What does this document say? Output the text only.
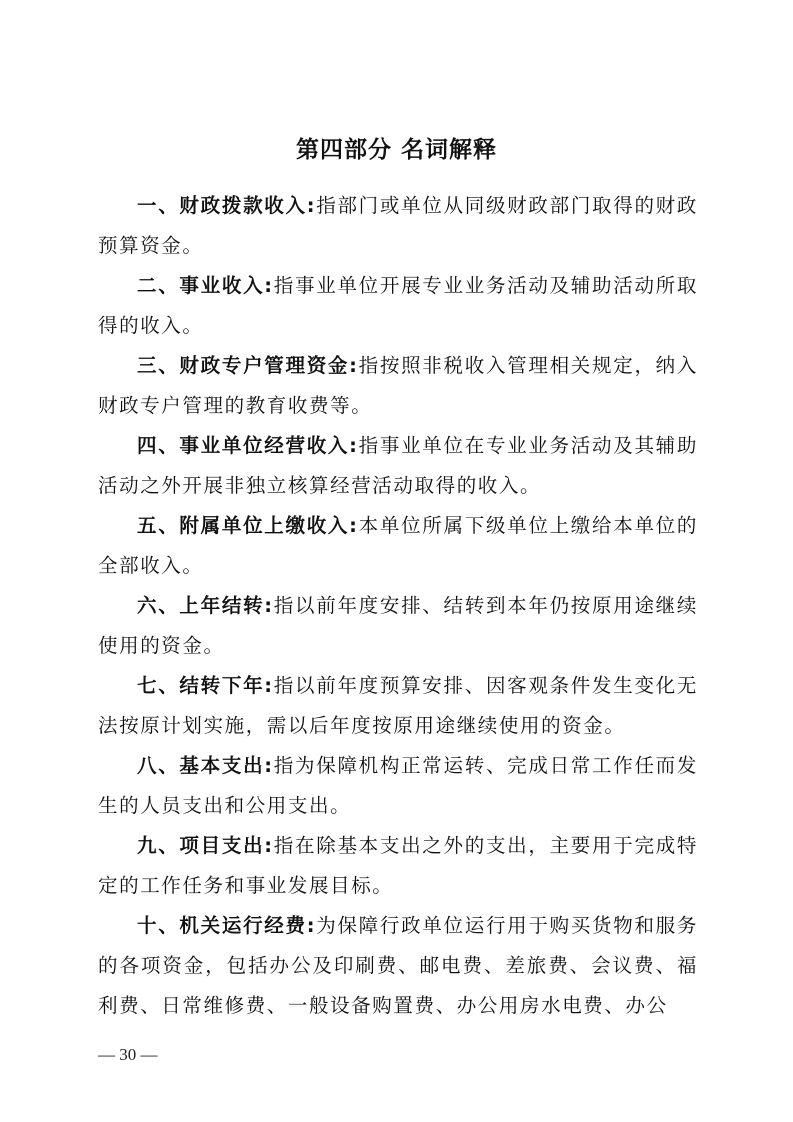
第四部分 名词解释

一、财政拨款收入:指部门或单位从同级财政部门取得的财政预算资金。

二、事业收入:指事业单位开展专业业务活动及辅助活动所取得的收入。

三、财政专户管理资金:指按照非税收入管理相关规定，纳入财政专户管理的教育收费等。

四、事业单位经营收入:指事业单位在专业业务活动及其辅助活动之外开展非独立核算经营活动取得的收入。

五、附属单位上缴收入:本单位所属下级单位上缴给本单位的全部收入。

六、上年结转:指以前年度安排、结转到本年仍按原用途继续使用的资金。

七、结转下年:指以前年度预算安排、因客观条件发生变化无法按原计划实施，需以后年度按原用途继续使用的资金。

八、基本支出:指为保障机构正常运转、完成日常工作任而发生的人员支出和公用支出。

九、项目支出:指在除基本支出之外的支出，主要用于完成特定的工作任务和事业发展目标。

十、机关运行经费:为保障行政单位运行用于购买货物和服务的各项资金，包括办公及印刷费、邮电费、差旅费、会议费、福利费、日常维修费、一般设备购置费、办公用房水电费、办公

— 30 —
